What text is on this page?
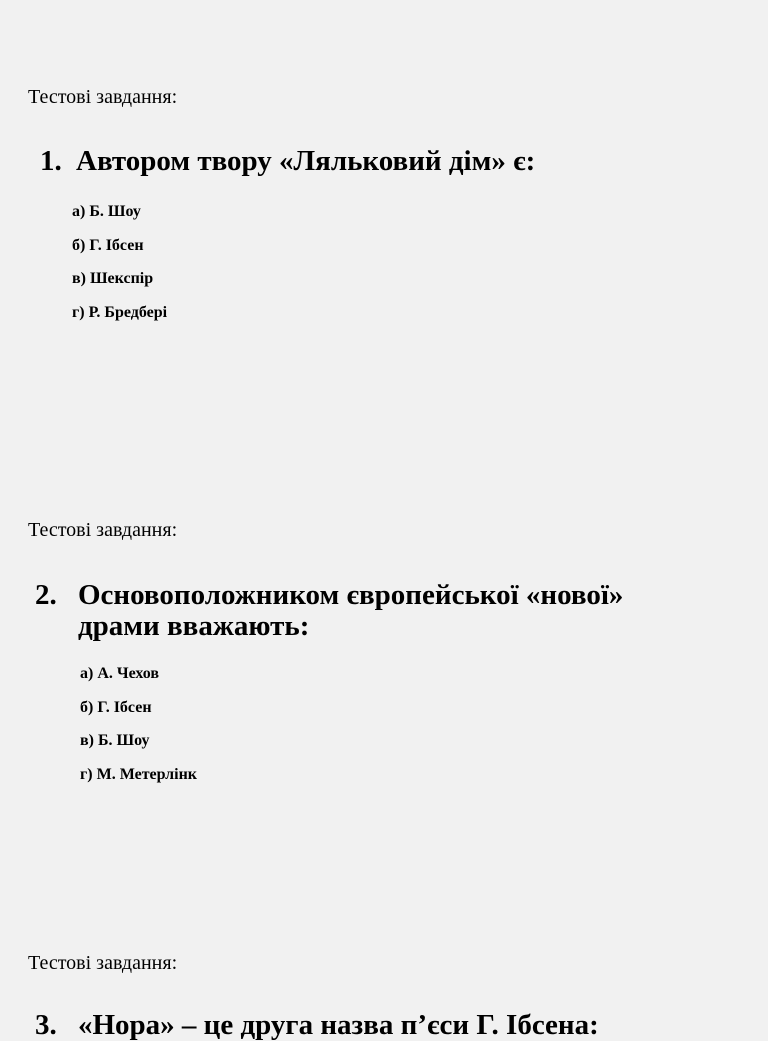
Тестові завдання:
1. Автором твору «Ляльковий дім» є:
а) Б. Шоу
б) Г. Ібсен
в) Шекспір
г) Р. Бредбері
Тестові завдання:
2. Основоположником європейської «нової»
драми вважають:
а) А. Чехов
б) Г. Ібсен
в) Б. Шоу
г) М. Метерлінк
Тестові завдання:
3. «Нора» – це друга назва п’єси Г. Ібсена:
